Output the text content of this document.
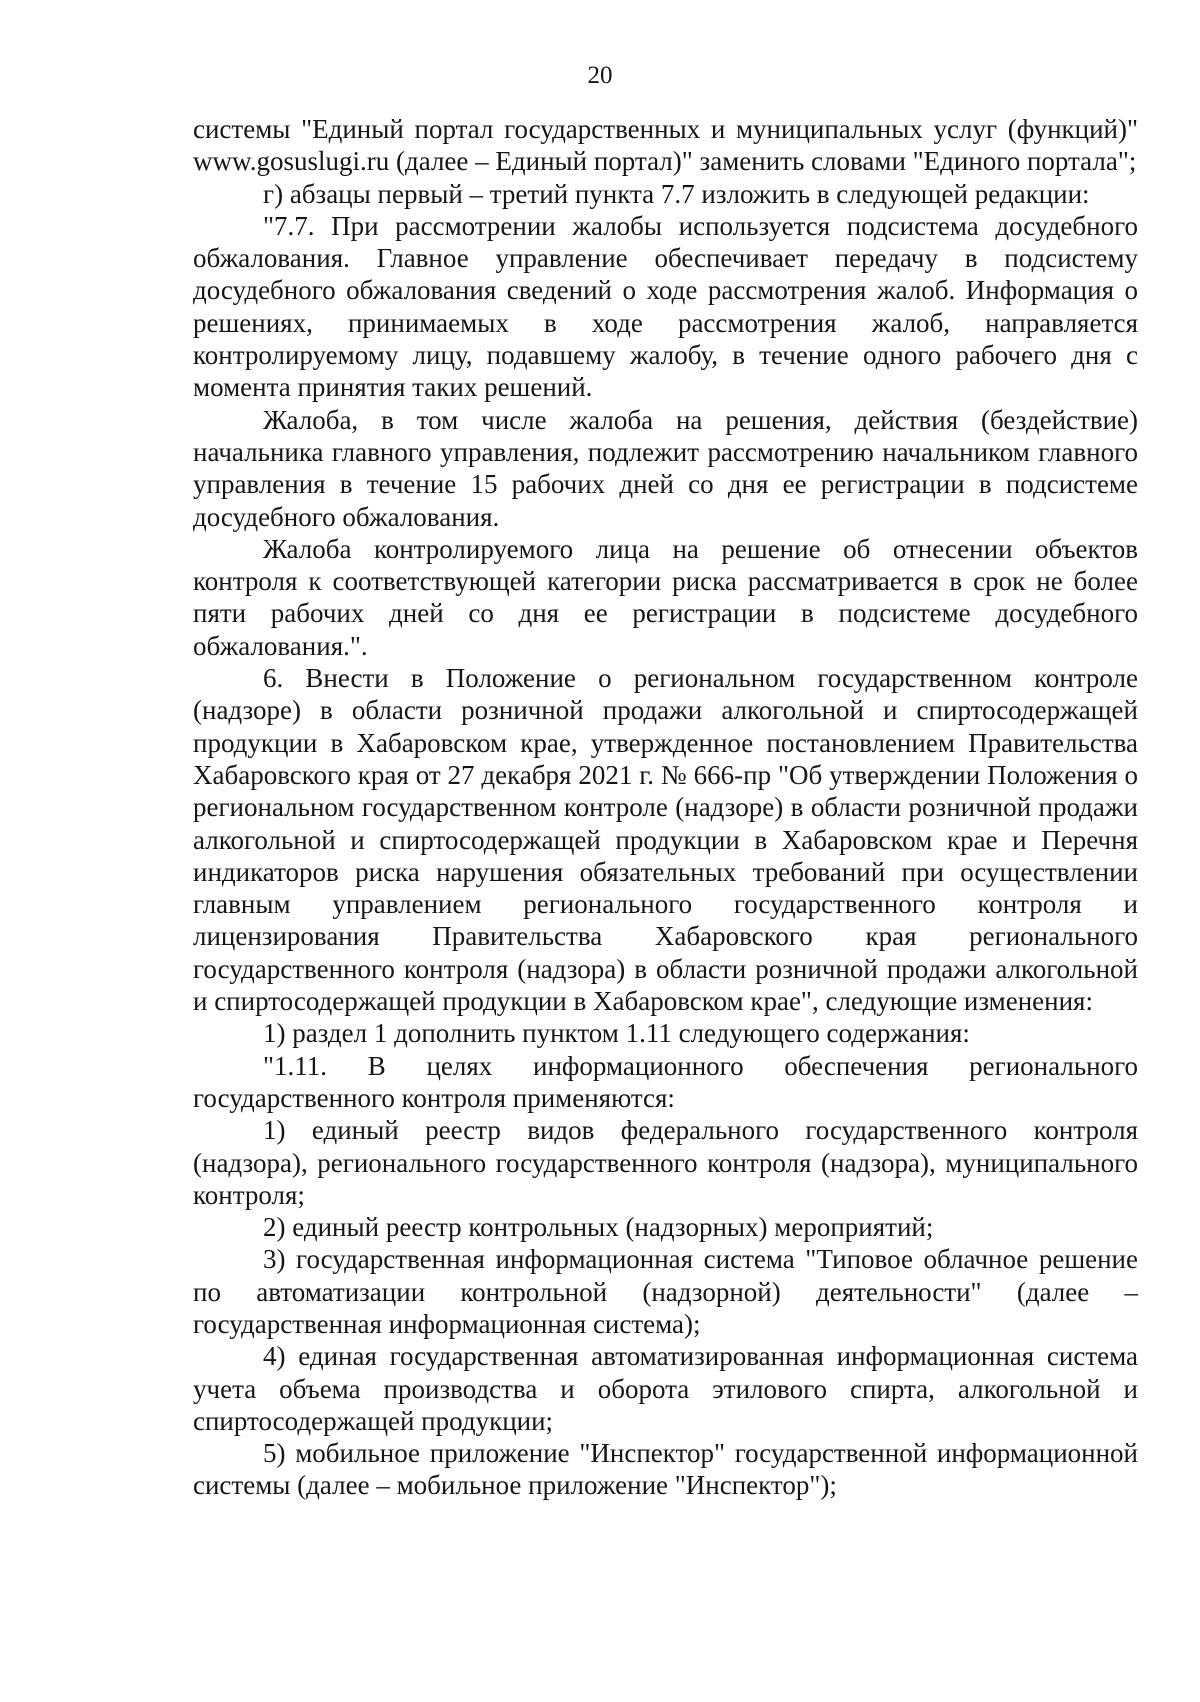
20

системы "Единый портал государственных и муниципальных услуг (функций)" www.gosuslugi.ru (далее – Единый портал)" заменить словами "Единого портала";

г) абзацы первый – третий пункта 7.7 изложить в следующей редакции:

"7.7. При рассмотрении жалобы используется подсистема досудебного обжалования. Главное управление обеспечивает передачу в подсистему досудебного обжалования сведений о ходе рассмотрения жалоб. Информация о решениях, принимаемых в ходе рассмотрения жалоб, направляется контролируемому лицу, подавшему жалобу, в течение одного рабочего дня с момента принятия таких решений.

Жалоба, в том числе жалоба на решения, действия (бездействие) начальника главного управления, подлежит рассмотрению начальником главного управления в течение 15 рабочих дней со дня ее регистрации в подсистеме досудебного обжалования.

Жалоба контролируемого лица на решение об отнесении объектов контроля к соответствующей категории риска рассматривается в срок не более пяти рабочих дней со дня ее регистрации в подсистеме досудебного обжалования.".

6. Внести в Положение о региональном государственном контроле (надзоре) в области розничной продажи алкогольной и спиртосодержащей продукции в Хабаровском крае, утвержденное постановлением Правительства Хабаровского края от 27 декабря 2021 г. № 666-пр "Об утверждении Положения о региональном государственном контроле (надзоре) в области розничной продажи алкогольной и спиртосодержащей продукции в Хабаровском крае и Перечня индикаторов риска нарушения обязательных требований при осуществлении главным управлением регионального государственного контроля и лицензирования Правительства Хабаровского края регионального государственного контроля (надзора) в области розничной продажи алкогольной и спиртосодержащей продукции в Хабаровском крае", следующие изменения:

1) раздел 1 дополнить пунктом 1.11 следующего содержания:

"1.11. В целях информационного обеспечения регионального государственного контроля применяются:

1) единый реестр видов федерального государственного контроля (надзора), регионального государственного контроля (надзора), муниципального контроля;

2) единый реестр контрольных (надзорных) мероприятий;

3) государственная информационная система "Типовое облачное решение по автоматизации контрольной (надзорной) деятельности" (далее – государственная информационная система);

4) единая государственная автоматизированная информационная система учета объема производства и оборота этилового спирта, алкогольной и спиртосодержащей продукции;

5) мобильное приложение "Инспектор" государственной информационной системы (далее – мобильное приложение "Инспектор");
